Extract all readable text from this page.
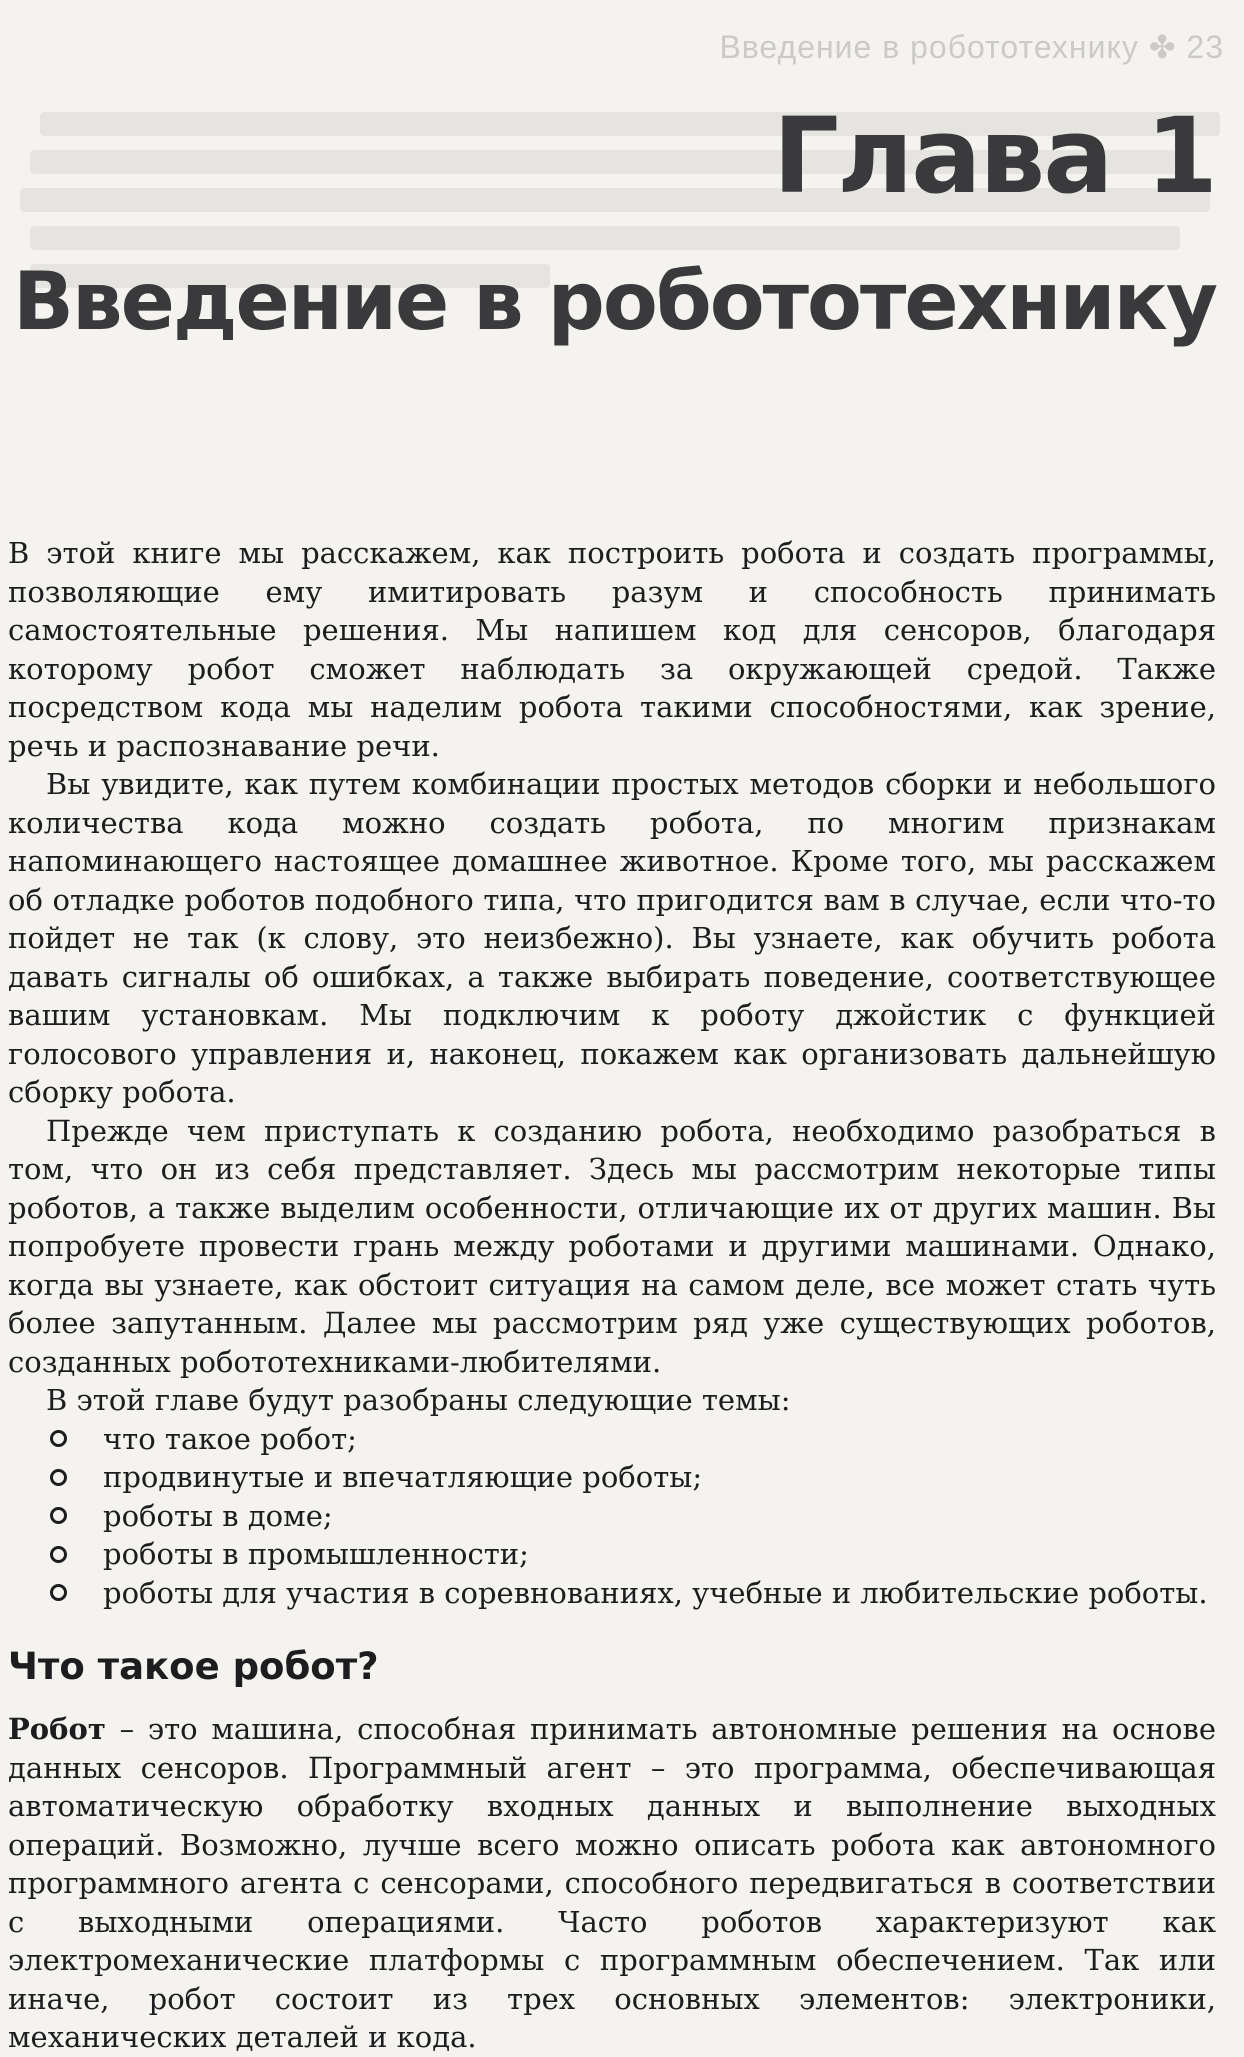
Введение в робототехнику ✤ 23
Глава 1
Введение в робототехнику

В этой книге мы расскажем, как построить робота и создать программы, позволяющие ему имитировать разум и способность принимать самостоятельные решения. Мы напишем код для сенсоров, благодаря которому робот сможет наблюдать за окружающей средой. Также посредством кода мы наделим робота такими способностями, как зрение, речь и распознавание речи.

Вы увидите, как путем комбинации простых методов сборки и небольшого количества кода можно создать робота, по многим признакам напоминающего настоящее домашнее животное. Кроме того, мы расскажем об отладке роботов подобного типа, что пригодится вам в случае, если что-то пойдет не так (к слову, это неизбежно). Вы узнаете, как обучить робота давать сигналы об ошибках, а также выбирать поведение, соответствующее вашим установкам. Мы подключим к роботу джойстик с функцией голосового управления и, наконец, покажем как организовать дальнейшую сборку робота.

Прежде чем приступать к созданию робота, необходимо разобраться в том, что он из себя представляет. Здесь мы рассмотрим некоторые типы роботов, а также выделим особенности, отличающие их от других машин. Вы попробуете провести грань между роботами и другими машинами. Однако, когда вы узнаете, как обстоит ситуация на самом деле, все может стать чуть более запутанным. Далее мы рассмотрим ряд уже существующих роботов, созданных робототехниками-любителями.

В этой главе будут разобраны следующие темы:

что такое робот;
продвинутые и впечатляющие роботы;
роботы в доме;
роботы в промышленности;
роботы для участия в соревнованиях, учебные и любительские роботы.
Что такое робот?

Робот – это машина, способная принимать автономные решения на основе данных сенсоров. Программный агент – это программа, обеспечивающая автоматическую обработку входных данных и выполнение выходных операций. Возможно, лучше всего можно описать робота как автономного программного агента с сенсорами, способного передвигаться в соответствии с выходными операциями. Часто роботов характеризуют как электромеханические платформы с программным обеспечением. Так или иначе, робот состоит из трех основных элементов: электроники, механических деталей и кода.
